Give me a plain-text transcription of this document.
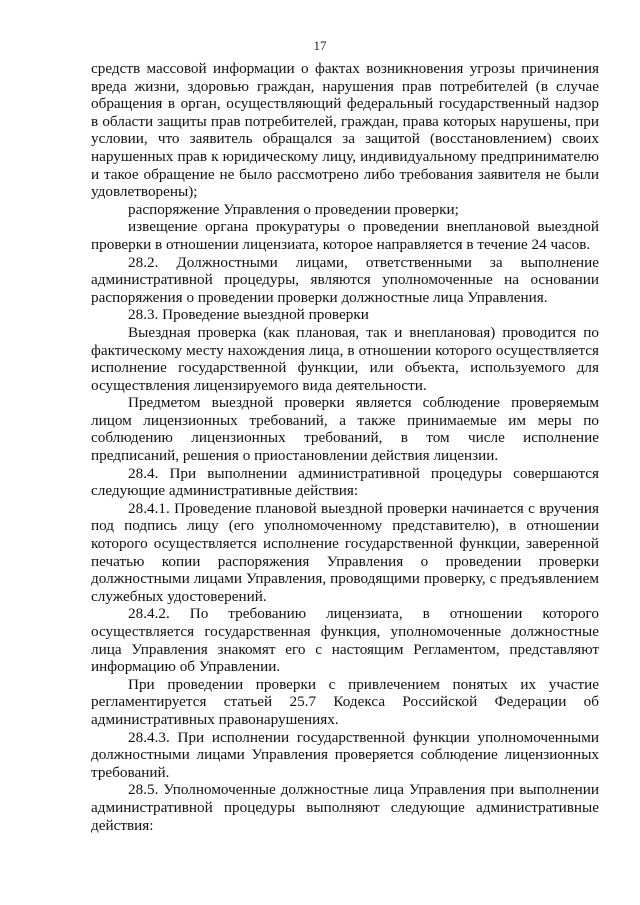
17

средств массовой информации о фактах возникновения угрозы причинения вреда жизни, здоровью граждан, нарушения прав потребителей (в случае обращения в орган, осуществляющий федеральный государственный надзор в области защиты прав потребителей, граждан, права которых нарушены, при условии, что заявитель обращался за защитой (восстановлением) своих нарушенных прав к юридическому лицу, индивидуальному предпринимателю и такое обращение не было рассмотрено либо требования заявителя не были удовлетворены);

распоряжение Управления о проведении проверки;

извещение органа прокуратуры о проведении внеплановой выездной проверки в отношении лицензиата, которое направляется в течение 24 часов.

28.2. Должностными лицами, ответственными за выполнение административной процедуры, являются уполномоченные на основании распоряжения о проведении проверки должностные лица Управления.

28.3. Проведение выездной проверки

Выездная проверка (как плановая, так и внеплановая) проводится по фактическому месту нахождения лица, в отношении которого осуществляется исполнение государственной функции, или объекта, используемого для осуществления лицензируемого вида деятельности.

Предметом выездной проверки является соблюдение проверяемым лицом лицензионных требований, а также принимаемые им меры по соблюдению лицензионных требований, в том числе исполнение предписаний, решения о приостановлении действия лицензии.

28.4. При выполнении административной процедуры совершаются следующие административные действия:

28.4.1. Проведение плановой выездной проверки начинается с вручения под подпись лицу (его уполномоченному представителю), в отношении которого осуществляется исполнение государственной функции, заверенной печатью копии распоряжения Управления о проведении проверки должностными лицами Управления, проводящими проверку, с предъявлением служебных удостоверений.

28.4.2. По требованию лицензиата, в отношении которого осуществляется государственная функция, уполномоченные должностные лица Управления знакомят его с настоящим Регламентом, представляют информацию об Управлении.

При проведении проверки с привлечением понятых их участие регламентируется статьей 25.7 Кодекса Российской Федерации об административных правонарушениях.

28.4.3. При исполнении государственной функции уполномоченными должностными лицами Управления проверяется соблюдение лицензионных требований.

28.5. Уполномоченные должностные лица Управления при выполнении административной процедуры выполняют следующие административные действия:
